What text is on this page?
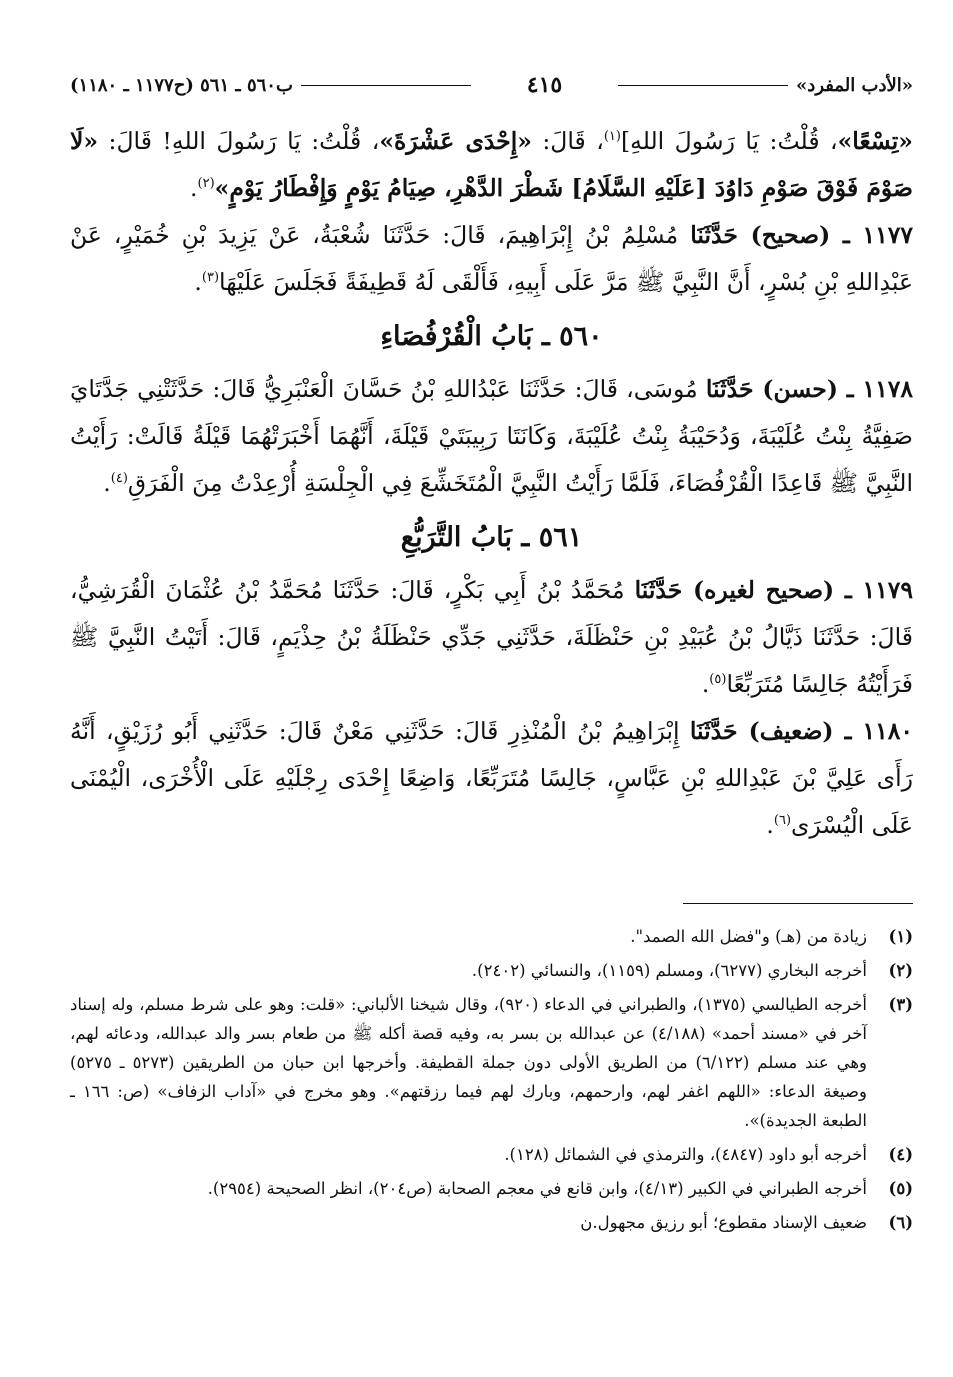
«الأدب المفرد»
٤١٥
ب٥٦٠ ـ ٥٦١ (ح١١٧٧ ـ ١١٨٠)

«تِسْعًا»، قُلْتُ: يَا رَسُولَ اللهِ]$^{(١)}$، قَالَ: «إِحْدَى عَشْرَةَ»، قُلْتُ: يَا رَسُولَ اللهِ! قَالَ: «لَا صَوْمَ فَوْقَ صَوْمِ دَاوُدَ [عَلَيْهِ السَّلَامُ] شَطْرَ الدَّهْرِ، صِيَامُ يَوْمٍ وَإِفْطَارُ يَوْمٍ»$^{(٢)}$.

١١٧٧ ـ (صحيح) حَدَّثَنَا مُسْلِمُ بْنُ إِبْرَاهِيمَ، قَالَ: حَدَّثَنَا شُعْبَةُ، عَنْ يَزِيدَ بْنِ خُمَيْرٍ، عَنْ عَبْدِاللهِ بْنِ بُسْرٍ، أَنَّ النَّبِيَّ ﷺ مَرَّ عَلَى أَبِيهِ، فَأَلْقَى لَهُ قَطِيفَةً فَجَلَسَ عَلَيْهَا$^{(٣)}$.

٥٦٠ ـ بَابُ الْقُرْفُصَاءِ

١١٧٨ ـ (حسن) حَدَّثَنَا مُوسَى، قَالَ: حَدَّثَنَا عَبْدُاللهِ بْنُ حَسَّانَ الْعَنْبَرِيُّ قَالَ: حَدَّثَتْنِي جَدَّتَايَ صَفِيَّةُ بِنْتُ عُلَيْبَةَ، وَدُحَيْبَةُ بِنْتُ عُلَيْبَةَ، وَكَانَتَا رَبِيبَتَيْ قَيْلَةَ، أَنَّهُمَا أَخْبَرَتْهُمَا قَيْلَةُ قَالَتْ: رَأَيْتُ النَّبِيَّ ﷺ قَاعِدًا الْقُرْفُصَاءَ، فَلَمَّا رَأَيْتُ النَّبِيَّ الْمُتَخَشِّعَ فِي الْجِلْسَةِ أُرْعِدْتُ مِنَ الْفَرَقِ$^{(٤)}$.

٥٦١ ـ بَابُ التَّرَبُّعِ

١١٧٩ ـ (صحيح لغيره) حَدَّثَنَا مُحَمَّدُ بْنُ أَبِي بَكْرٍ، قَالَ: حَدَّثَنَا مُحَمَّدُ بْنُ عُثْمَانَ الْقُرَشِيُّ، قَالَ: حَدَّثَنَا ذَيَّالُ بْنُ عُبَيْدِ بْنِ حَنْظَلَةَ، حَدَّثَنِي جَدِّي حَنْظَلَةُ بْنُ حِذْيَمٍ، قَالَ: أَتَيْتُ النَّبِيَّ ﷺ فَرَأَيْتُهُ جَالِسًا مُتَرَبِّعًا$^{(٥)}$.

١١٨٠ ـ (ضعيف) حَدَّثَنَا إِبْرَاهِيمُ بْنُ الْمُنْذِرِ قَالَ: حَدَّثَنِي مَعْنٌ قَالَ: حَدَّثَنِي أَبُو رُزَيْقٍ، أَنَّهُ رَأَى عَلِيَّ بْنَ عَبْدِاللهِ بْنِ عَبَّاسٍ، جَالِسًا مُتَرَبِّعًا، وَاضِعًا إِحْدَى رِجْلَيْهِ عَلَى الْأُخْرَى، الْيُمْنَى عَلَى الْيُسْرَى$^{(٦)}$.

(١)
زيادة من (هـ) و"فضل الله الصمد".
(٢)
أخرجه البخاري (٦٢٧٧)، ومسلم (١١٥٩)، والنسائي (٢٤٠٢).
(٣)
أخرجه الطيالسي (١٣٧٥)، والطبراني في الدعاء (٩٢٠)، وقال شيخنا الألباني: «قلت: وهو على شرط مسلم، وله إسناد آخر في «مسند أحمد» (٤/١٨٨) عن عبدالله بن بسر به، وفيه قصة أكله ﷺ من طعام بسر والد عبدالله، ودعائه لهم، وهي عند مسلم (٦/١٢٢) من الطريق الأولى دون جملة القطيفة. وأخرجها ابن حبان من الطريقين (٥٢٧٣ ـ ٥٢٧٥) وصيغة الدعاء: «اللهم اغفر لهم، وارحمهم، وبارك لهم فيما رزقتهم». وهو مخرج في «آداب الزفاف» (ص: ١٦٦ ـ الطبعة الجديدة)».
(٤)
أخرجه أبو داود (٤٨٤٧)، والترمذي في الشمائل (١٢٨).
(٥)
أخرجه الطبراني في الكبير (٤/١٣)، وابن قانع في معجم الصحابة (ص٢٠٤)، انظر الصحيحة (٢٩٥٤).
(٦)
ضعيف الإسناد مقطوع؛ أبو رزيق مجهول.ن
